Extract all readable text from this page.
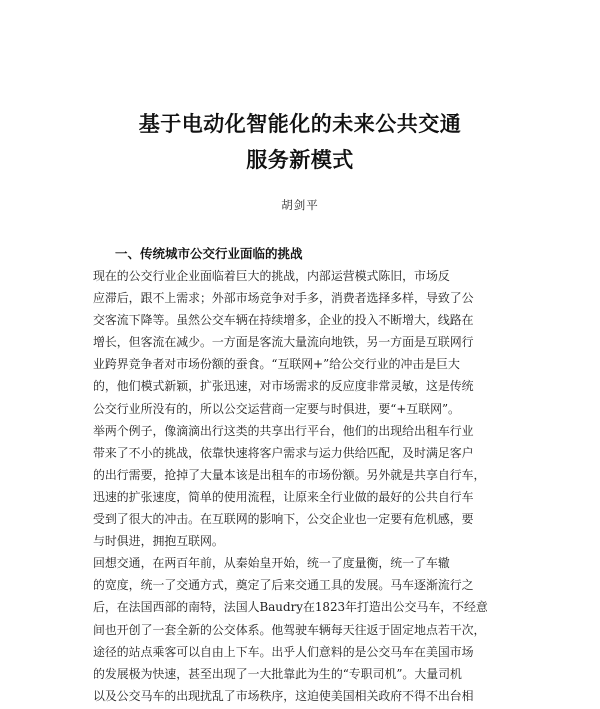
基于电动化智能化的未来公共交通
服务新模式
胡剑平
一、传统城市公交行业面临的挑战
现在的公交行业企业面临着巨大的挑战，内部运营模式陈旧，市场反
应滞后，跟不上需求；外部市场竞争对手多，消费者选择多样，导致了公
交客流下降等。虽然公交车辆在持续增多，企业的投入不断增大，线路在
增长，但客流在减少。一方面是客流大量流向地铁，另一方面是互联网行
业跨界竞争者对市场份额的蚕食。“互联网+”给公交行业的冲击是巨大
的，他们模式新颖，扩张迅速，对市场需求的反应度非常灵敏，这是传统
公交行业所没有的，所以公交运营商一定要与时俱进，要“+互联网”。
举两个例子，像滴滴出行这类的共享出行平台，他们的出现给出租车行业
带来了不小的挑战，依靠快速将客户需求与运力供给匹配，及时满足客户
的出行需要，抢掉了大量本该是出租车的市场份额。另外就是共享自行车，
迅速的扩张速度，简单的使用流程，让原来全行业做的最好的公共自行车
受到了很大的冲击。在互联网的影响下，公交企业也一定要有危机感，要
与时俱进，拥抱互联网。
回想交通，在两百年前，从秦始皇开始，统一了度量衡，统一了车辙
的宽度，统一了交通方式，奠定了后来交通工具的发展。马车逐渐流行之
后，在法国西部的南特，法国人Baudry在1823年打造出公交马车，不经意
间也开创了一套全新的公交体系。他驾驶车辆每天往返于固定地点若干次，
途径的站点乘客可以自由上下车。出乎人们意料的是公交马车在美国市场
的发展极为快速，甚至出现了一大批靠此为生的“专职司机”。大量司机
以及公交马车的出现扰乱了市场秩序，这迫使美国相关政府不得不出台相
